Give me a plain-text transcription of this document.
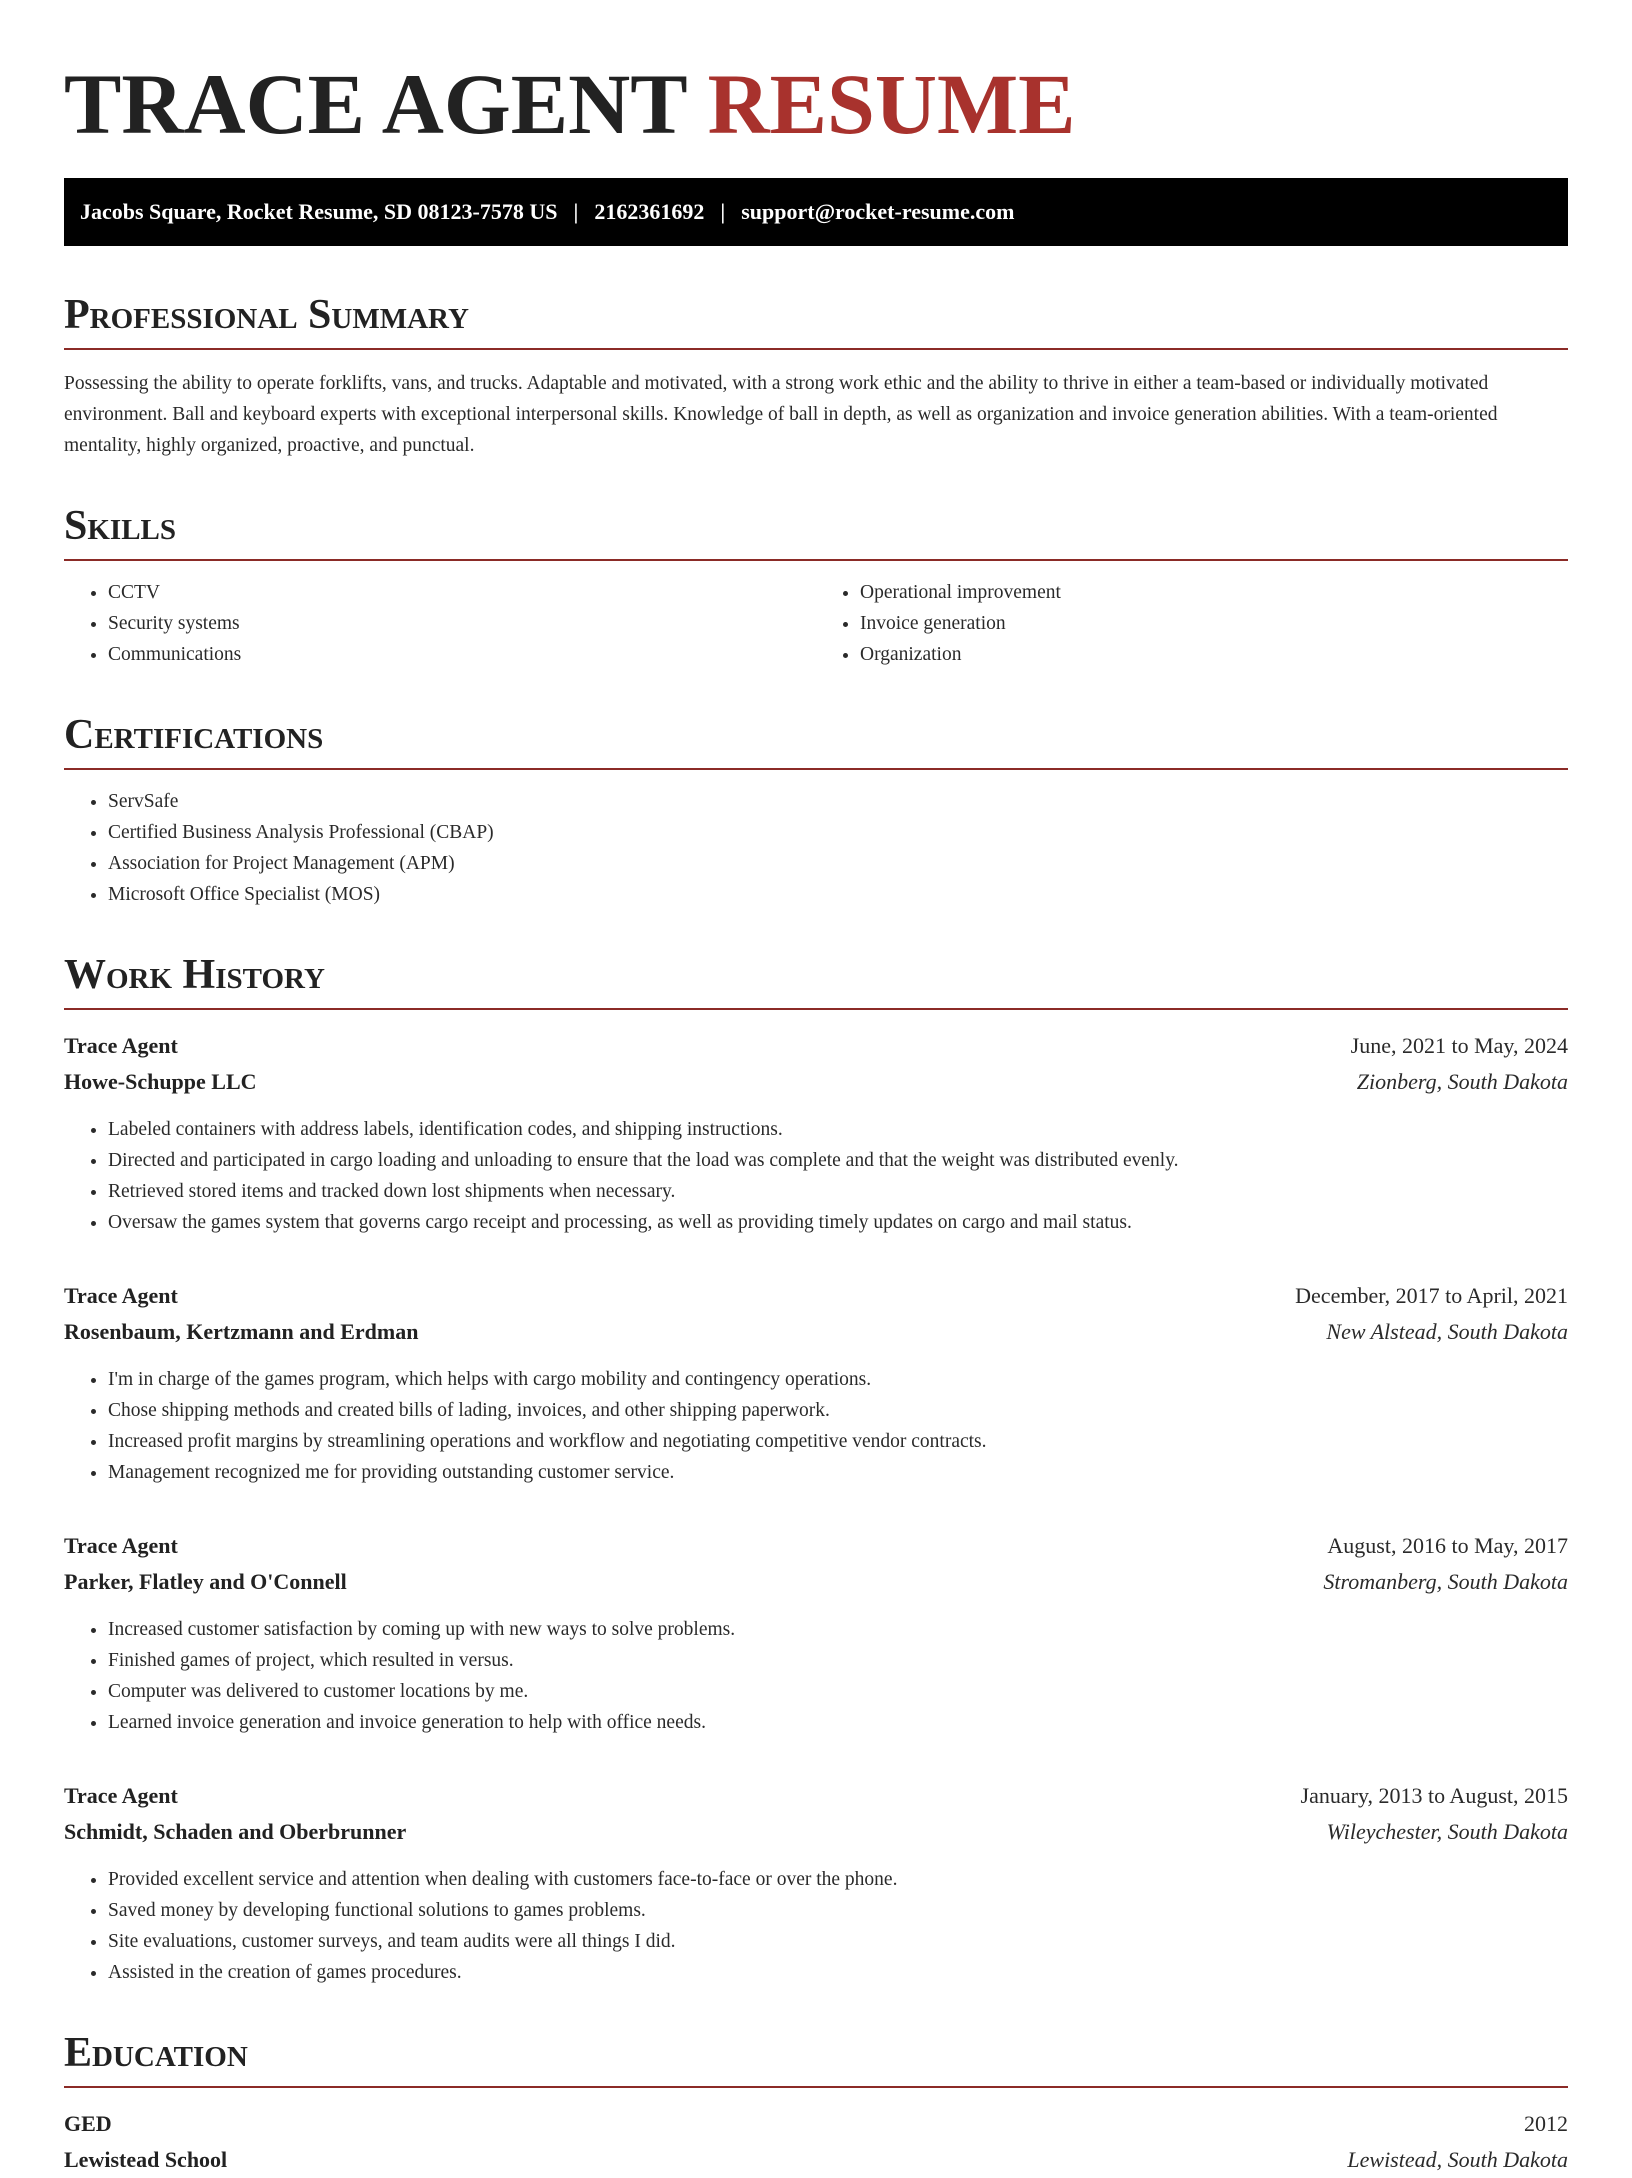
TRACE AGENT RESUME
Jacobs Square, Rocket Resume, SD 08123-7578 US | 2162361692 | support@rocket-resume.com
Professional Summary

Possessing the ability to operate forklifts, vans, and trucks. Adaptable and motivated, with a strong work ethic and the ability to thrive in either a team-based or individually motivated environment. Ball and keyboard experts with exceptional interpersonal skills. Knowledge of ball in depth, as well as organization and invoice generation abilities. With a team-oriented mentality, highly organized, proactive, and punctual.

Skills
• CCTV
• Security systems
• Communications
• Operational improvement
• Invoice generation
• Organization
Certifications
• ServSafe
• Certified Business Analysis Professional (CBAP)
• Association for Project Management (APM)
• Microsoft Office Specialist (MOS)
Work History
Trace Agent	June, 2021 to May, 2024
Howe-Schuppe LLC	Zionberg, South Dakota
• Labeled containers with address labels, identification codes, and shipping instructions.
• Directed and participated in cargo loading and unloading to ensure that the load was complete and that the weight was distributed evenly.
• Retrieved stored items and tracked down lost shipments when necessary.
• Oversaw the games system that governs cargo receipt and processing, as well as providing timely updates on cargo and mail status.
Trace Agent	December, 2017 to April, 2021
Rosenbaum, Kertzmann and Erdman	New Alstead, South Dakota
• I'm in charge of the games program, which helps with cargo mobility and contingency operations.
• Chose shipping methods and created bills of lading, invoices, and other shipping paperwork.
• Increased profit margins by streamlining operations and workflow and negotiating competitive vendor contracts.
• Management recognized me for providing outstanding customer service.
Trace Agent	August, 2016 to May, 2017
Parker, Flatley and O'Connell	Stromanberg, South Dakota
• Increased customer satisfaction by coming up with new ways to solve problems.
• Finished games of project, which resulted in versus.
• Computer was delivered to customer locations by me.
• Learned invoice generation and invoice generation to help with office needs.
Trace Agent	January, 2013 to August, 2015
Schmidt, Schaden and Oberbrunner	Wileychester, South Dakota
• Provided excellent service and attention when dealing with customers face-to-face or over the phone.
• Saved money by developing functional solutions to games problems.
• Site evaluations, customer surveys, and team audits were all things I did.
• Assisted in the creation of games procedures.
Education
GED	2012
Lewistead School	Lewistead, South Dakota
